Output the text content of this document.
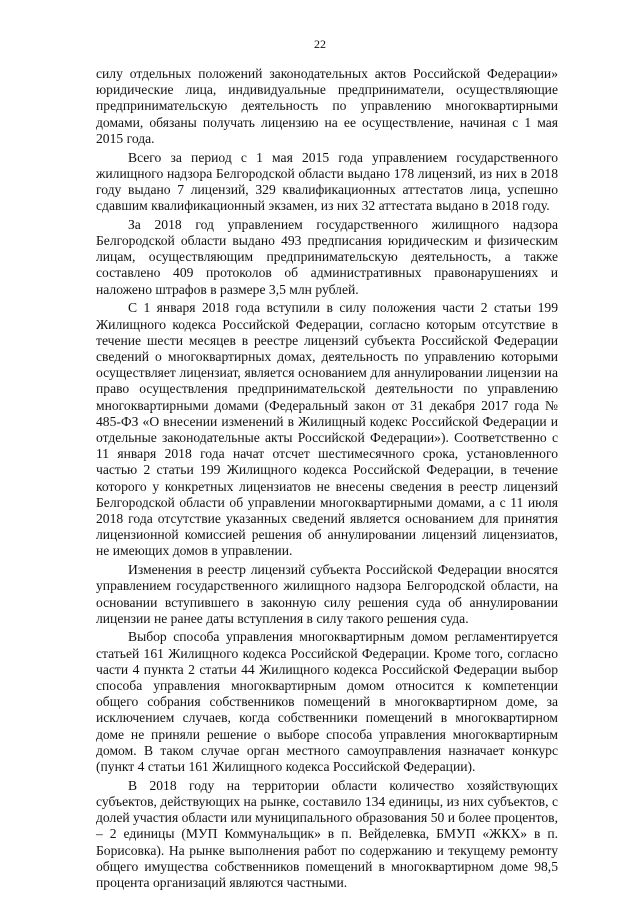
22

силу отдельных положений законодательных актов Российской Федерации» юридические лица, индивидуальные предприниматели, осуществляющие предпринимательскую деятельность по управлению многоквартирными домами, обязаны получать лицензию на ее осуществление, начиная с 1 мая 2015 года.

Всего за период с 1 мая 2015 года управлением государственного жилищного надзора Белгородской области выдано 178 лицензий, из них в 2018 году выдано 7 лицензий, 329 квалификационных аттестатов лица, успешно сдавшим квалификационный экзамен, из них 32 аттестата выдано в 2018 году.

За 2018 год управлением государственного жилищного надзора Белгородской области выдано 493 предписания юридическим и физическим лицам, осуществляющим предпринимательскую деятельность, а также составлено 409 протоколов об административных правонарушениях и наложено штрафов в размере 3,5 млн рублей.

С 1 января 2018 года вступили в силу положения части 2 статьи 199 Жилищного кодекса Российской Федерации, согласно которым отсутствие в течение шести месяцев в реестре лицензий субъекта Российской Федерации сведений о многоквартирных домах, деятельность по управлению которыми осуществляет лицензиат, является основанием для аннулировании лицензии на право осуществления предпринимательской деятельности по управлению многоквартирными домами (Федеральный закон от 31 декабря 2017 года № 485-ФЗ «О внесении изменений в Жилищный кодекс Российской Федерации и отдельные законодательные акты Российской Федерации»). Соответственно с 11 января 2018 года начат отсчет шестимесячного срока, установленного частью 2 статьи 199 Жилищного кодекса Российской Федерации, в течение которого у конкретных лицензиатов не внесены сведения в реестр лицензий Белгородской области об управлении многоквартирными домами, а с 11 июля 2018 года отсутствие указанных сведений является основанием для принятия лицензионной комиссией решения об аннулировании лицензий лицензиатов, не имеющих домов в управлении.

Изменения в реестр лицензий субъекта Российской Федерации вносятся управлением государственного жилищного надзора Белгородской области, на основании вступившего в законную силу решения суда об аннулировании лицензии не ранее даты вступления в силу такого решения суда.

Выбор способа управления многоквартирным домом регламентируется статьей 161 Жилищного кодекса Российской Федерации. Кроме того, согласно части 4 пункта 2 статьи 44 Жилищного кодекса Российской Федерации выбор способа управления многоквартирным домом относится к компетенции общего собрания собственников помещений в многоквартирном доме, за исключением случаев, когда собственники помещений в многоквартирном доме не приняли решение о выборе способа управления многоквартирным домом. В таком случае орган местного самоуправления назначает конкурс (пункт 4 статьи 161 Жилищного кодекса Российской Федерации).

В 2018 году на территории области количество хозяйствующих субъектов, действующих на рынке, составило 134 единицы, из них субъектов, с долей участия области или муниципального образования 50 и более процентов, – 2 единицы (МУП Коммунальщик» в п. Вейделевка, БМУП «ЖКХ» в п. Борисовка). На рынке выполнения работ по содержанию и текущему ремонту общего имущества собственников помещений в многоквартирном доме 98,5 процента организаций являются частными.
